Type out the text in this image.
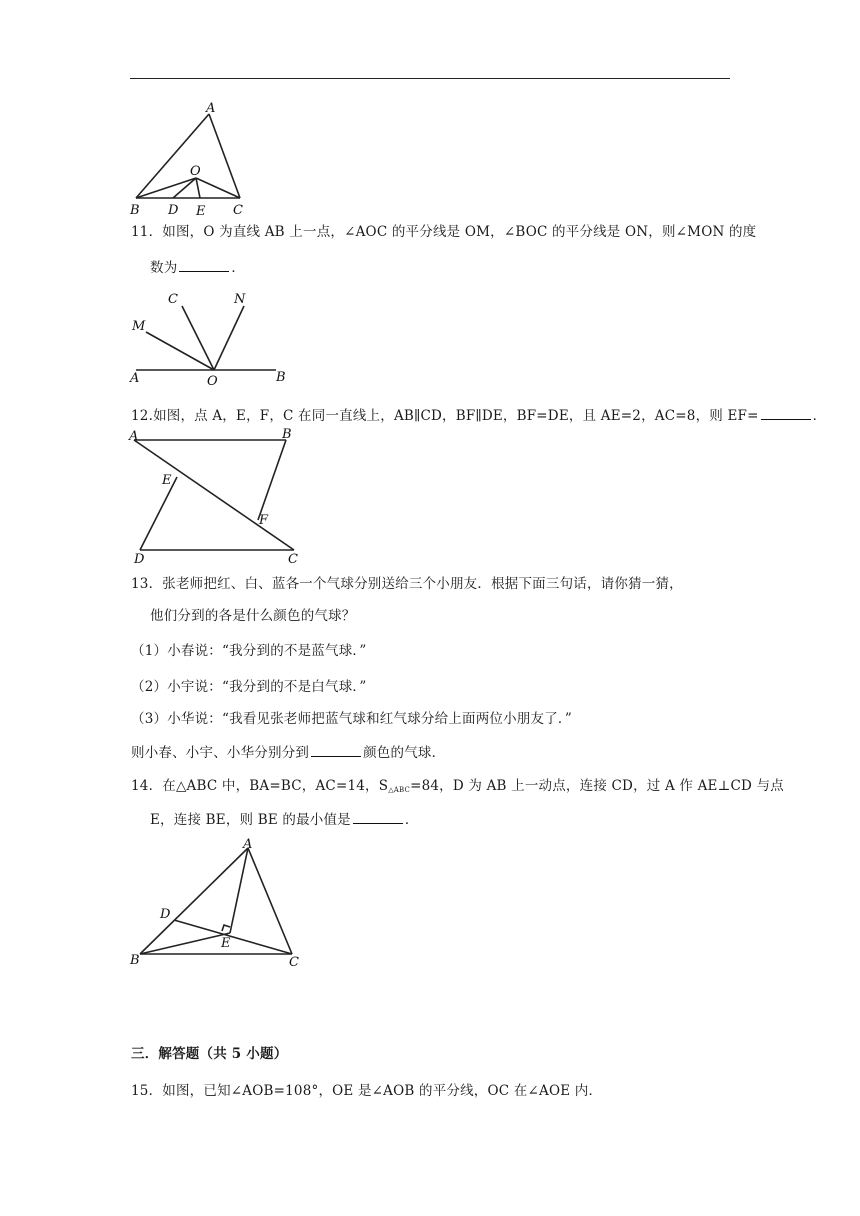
A
O
B D E C
11．如图，O 为直线 AB 上一点，∠AOC 的平分线是 OM，∠BOC 的平分线是 ON，则∠MON 的度
数为	．
C	N
M
A	O	B
12.如图，点 A，E，F，C 在同一直线上，AB∥CD，BF∥DE，BF=DE，且 AE=2，AC=8，则 EF=	．
A	B
E
F
D	C
13．张老师把红、白、蓝各一个气球分别送给三个小朋友．根据下面三句话，请你猜一猜，
他们分到的各是什么颜色的气球？
（1）小春说：“我分到的不是蓝气球．”
（2）小宇说：“我分到的不是白气球．”
（3）小华说：“我看见张老师把蓝气球和红气球分给上面两位小朋友了．”
则小春、小宇、小华分别分到	颜色的气球．
14．在△ABC 中，BA=BC，AC=14，$S_{\triangle ABC}=84$，D 为 AB 上一动点，连接 CD，过 A 作 AE⊥CD 与点
E，连接 BE，则 BE 的最小值是	．
A
D
E
B	C
三．解答题（共 5 小题）
15．如图，已知∠AOB=108°，OE 是∠AOB 的平分线，OC 在∠AOE 内．
